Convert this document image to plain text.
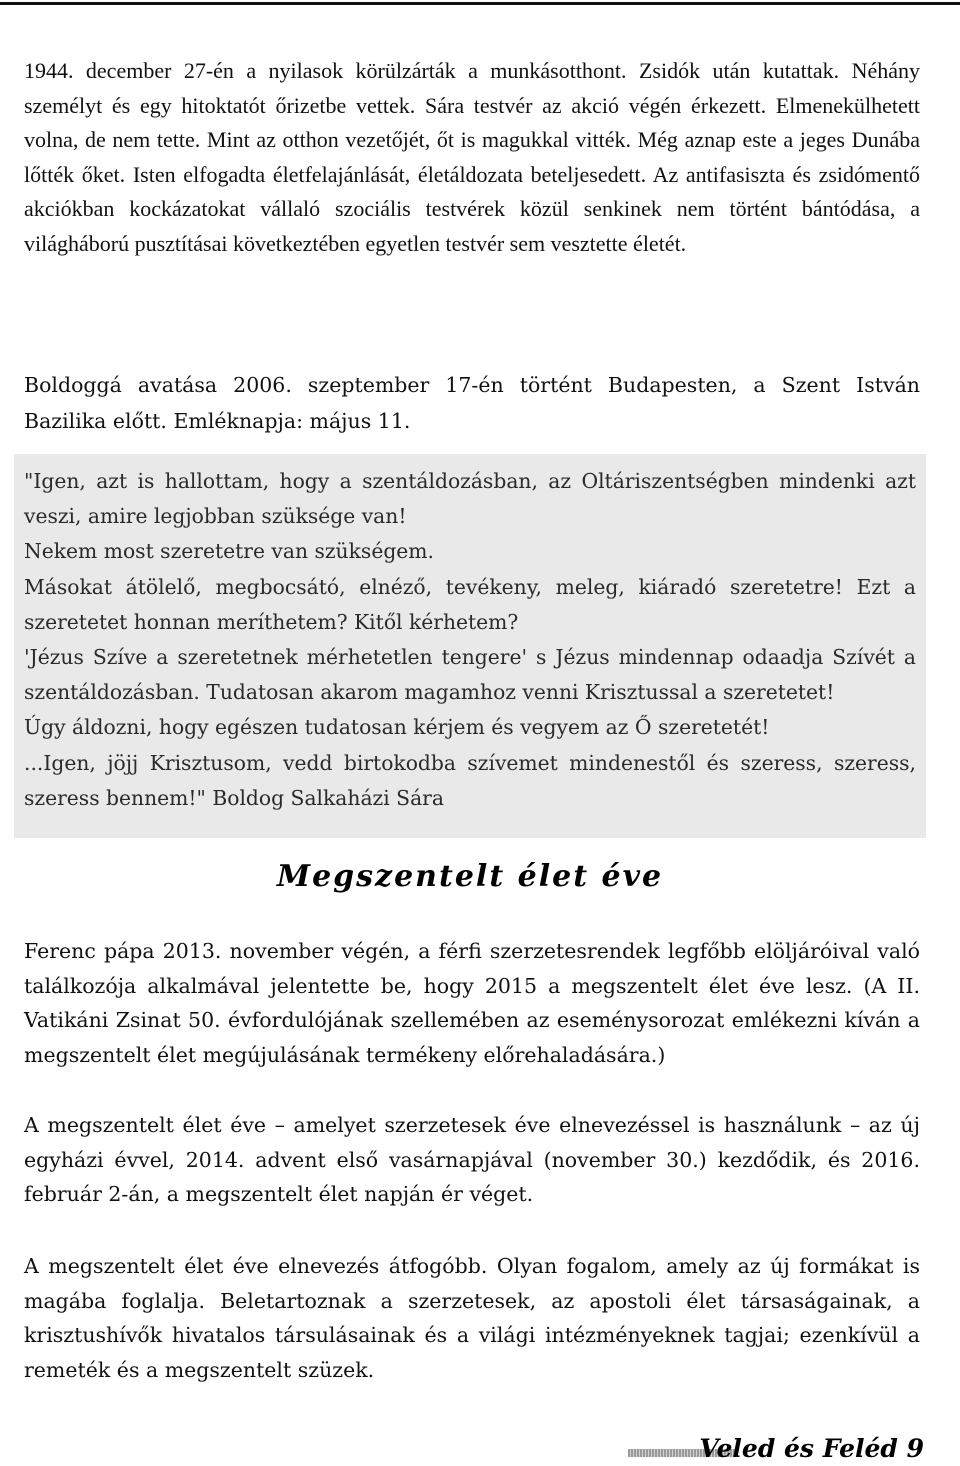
1944. december 27-én a nyilasok körülzárták a munkásotthont. Zsidók után kutattak. Néhány személyt és egy hitoktatót őrizetbe vettek. Sára testvér az akció végén érkezett. Elmenekülhetett volna, de nem tette. Mint az otthon vezetőjét, őt is magukkal vitték. Még aznap este a jeges Dunába lőtték őket. Isten elfogadta életfelajánlását, életáldozata beteljesedett. Az antifasiszta és zsidómentő akciókban kockázatokat vállaló szociális testvérek közül senkinek nem történt bántódása, a világháború pusztításai következtében egyetlen testvér sem vesztette életét.

Boldoggá avatása 2006. szeptember 17-én történt Budapesten, a Szent István Bazilika előtt. Emléknapja: május 11.

"Igen, azt is hallottam, hogy a szentáldozásban, az Oltáriszentségben mindenki azt veszi, amire legjobban szüksége van!
Nekem most szeretetre van szükségem.
Másokat átölelő, megbocsátó, elnéző, tevékeny, meleg, kiáradó szeretetre! Ezt a szeretetet honnan meríthetem? Kitől kérhetem?
'Jézus Szíve a szeretetnek mérhetetlen tengere' s Jézus mindennap odaadja Szívét a szentáldozásban. Tudatosan akarom magamhoz venni Krisztussal a szeretetet!
Úgy áldozni, hogy egészen tudatosan kérjem és vegyem az Ő szeretetét!
...Igen, jöjj Krisztusom, vedd birtokodba szívemet mindenestől és szeress, szeress, szeress bennem!" Boldog Salkaházi Sára

Megszentelt élet éve

Ferenc pápa 2013. november végén, a férfi szerzetesrendek legfőbb elöljáróival való találkozója alkalmával jelentette be, hogy 2015 a megszentelt élet éve lesz. (A II. Vatikáni Zsinat 50. évfordulójának szellemében az eseménysorozat emlékezni kíván a megszentelt élet megújulásának termékeny előrehaladására.)

A megszentelt élet éve – amelyet szerzetesek éve elnevezéssel is használunk – az új egyházi évvel, 2014. advent első vasárnapjával (november 30.) kezdődik, és 2016. február 2-án, a megszentelt élet napján ér véget.

A megszentelt élet éve elnevezés átfogóbb. Olyan fogalom, amely az új formákat is magába foglalja. Beletartoznak a szerzetesek, az apostoli élet társaságainak, a krisztushívők hivatalos társulásainak és a világi intézményeknek tagjai; ezenkívül a remeték és a megszentelt szüzek.

Veled és Feléd 9
